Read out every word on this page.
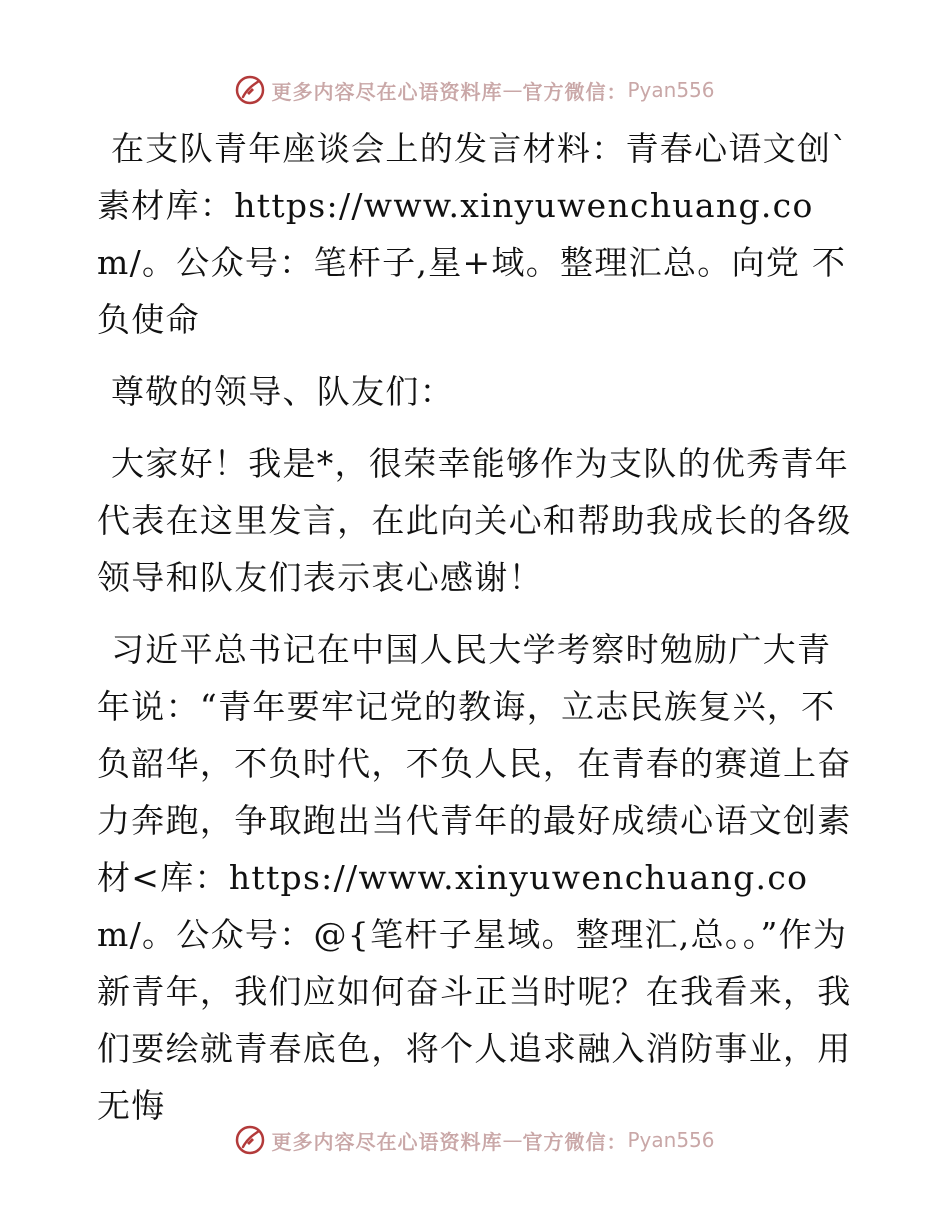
更多内容尽在心语资料库 — 官方微信： Pyan556

在支队青年座谈会上的发言材料：青春心语文创`素材库：https://www.xinyuwenchuang.com/。公众号：笔杆子,星+域。整理汇总。向党 不负使命

尊敬的领导、队友们：

大家好！我是*，很荣幸能够作为支队的优秀青年代表在这里发言，在此向关心和帮助我成长的各级领导和队友们表示衷心感谢！

习近平总书记在中国人民大学考察时勉励广大青年说：“青年要牢记党的教诲，立志民族复兴，不负韶华，不负时代，不负人民，在青春的赛道上奋力奔跑，争取跑出当代青年的最好成绩心语文创素材<库：https://www.xinyuwenchuang.com/。公众号：@{笔杆子星域。整理汇,总。。”作为新青年，我们应如何奋斗正当时呢？在我看来，我们要绘就青春底色，将个人追求融入消防事业，用无悔

更多内容尽在心语资料库 — 官方微信： Pyan556
